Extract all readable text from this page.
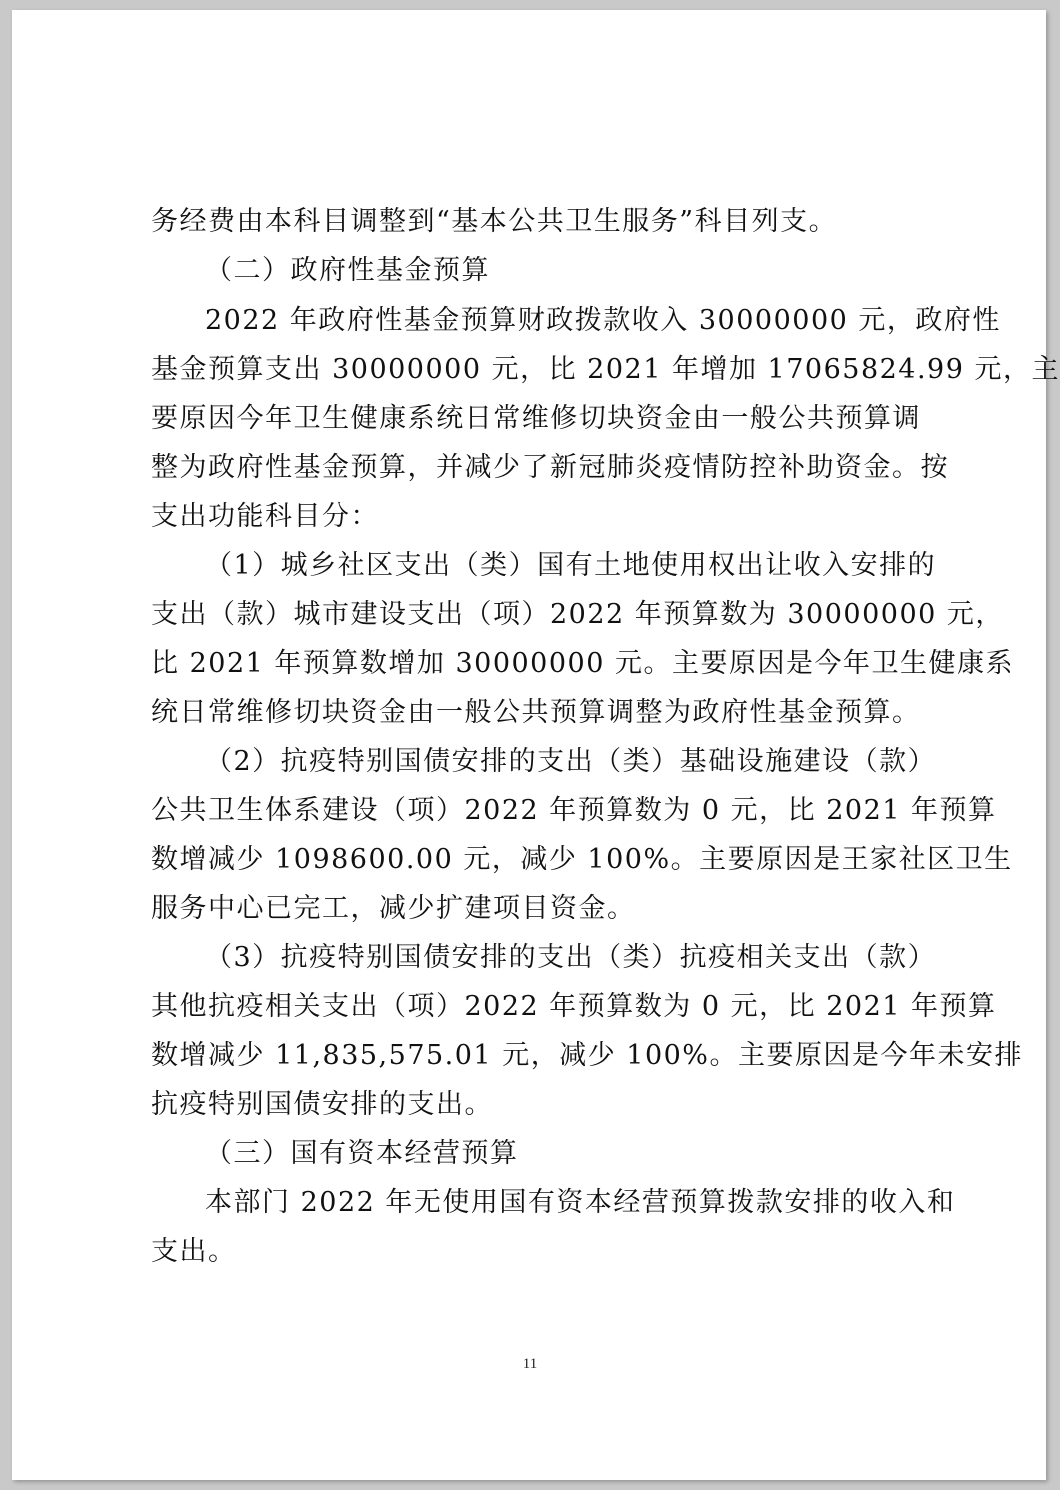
务经费由本科目调整到“基本公共卫生服务”科目列支。
（二）政府性基金预算
2022 年政府性基金预算财政拨款收入 30000000 元，政府性
基金预算支出 30000000 元，比 2021 年增加 17065824.99 元，主
要原因今年卫生健康系统日常维修切块资金由一般公共预算调
整为政府性基金预算，并减少了新冠肺炎疫情防控补助资金。按
支出功能科目分：
（1）城乡社区支出（类）国有土地使用权出让收入安排的
支出（款）城市建设支出（项）2022 年预算数为 30000000 元，
比 2021 年预算数增加 30000000 元。主要原因是今年卫生健康系
统日常维修切块资金由一般公共预算调整为政府性基金预算。
（2）抗疫特别国债安排的支出（类）基础设施建设（款）
公共卫生体系建设（项）2022 年预算数为 0 元，比 2021 年预算
数增减少 1098600.00 元，减少 100%。主要原因是王家社区卫生
服务中心已完工，减少扩建项目资金。
（3）抗疫特别国债安排的支出（类）抗疫相关支出（款）
其他抗疫相关支出（项）2022 年预算数为 0 元，比 2021 年预算
数增减少 11,835,575.01 元，减少 100%。主要原因是今年未安排
抗疫特别国债安排的支出。
（三）国有资本经营预算
本部门 2022 年无使用国有资本经营预算拨款安排的收入和
支出。
11
